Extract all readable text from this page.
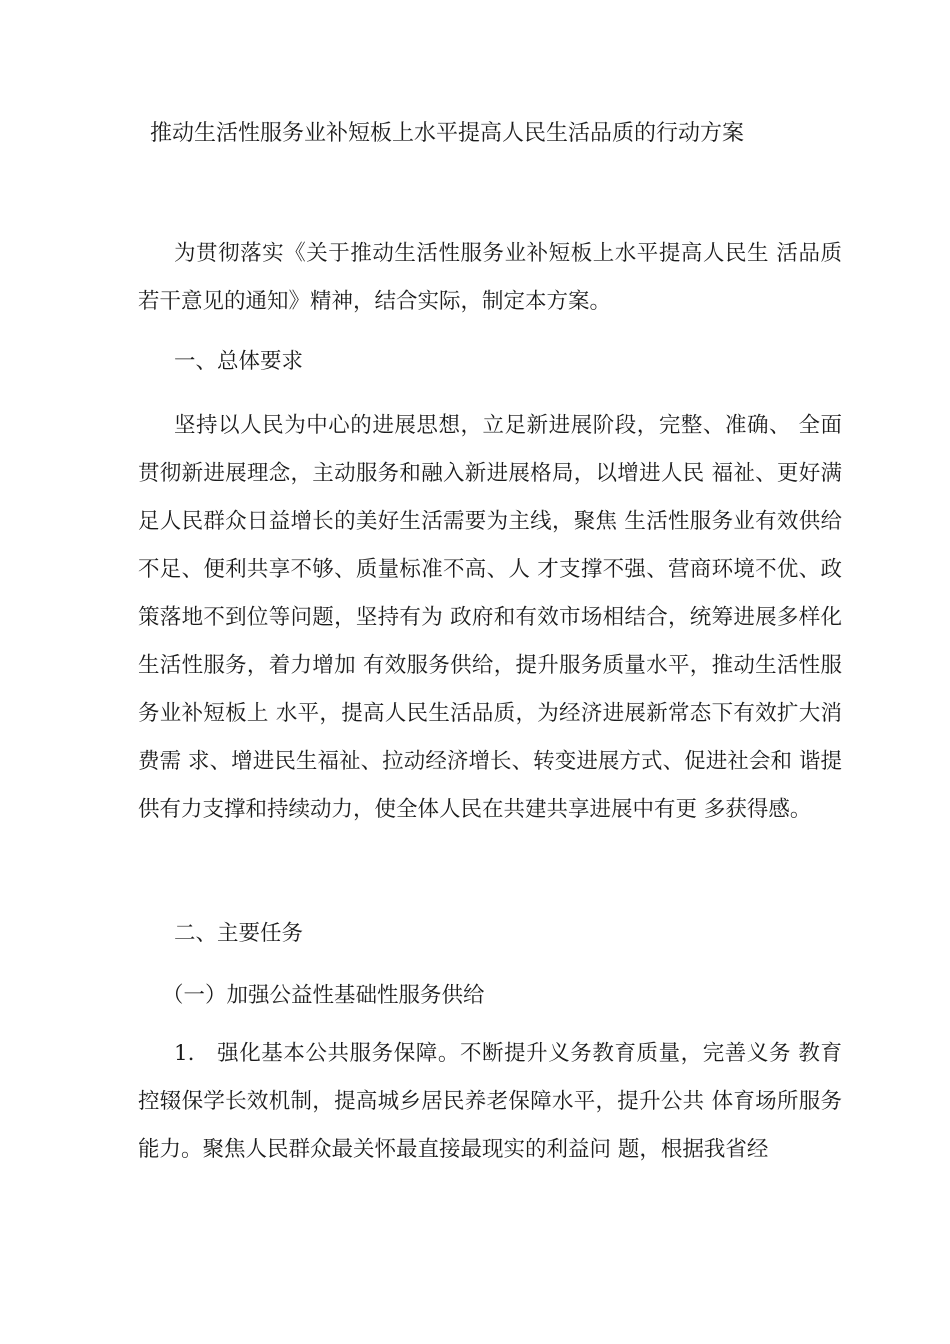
推动生活性服务业补短板上水平提高人民生活品质的行动方案

为贯彻落实《关于推动生活性服务业补短板上水平提高人民生 活品质若干意见的通知》精神，结合实际，制定本方案。

一、总体要求

坚持以人民为中心的进展思想，立足新进展阶段，完整、准确、 全面贯彻新进展理念，主动服务和融入新进展格局，以增进人民 福祉、更好满足人民群众日益增长的美好生活需要为主线，聚焦 生活性服务业有效供给不足、便利共享不够、质量标准不高、人 才支撑不强、营商环境不优、政策落地不到位等问题，坚持有为 政府和有效市场相结合，统筹进展多样化生活性服务，着力增加 有效服务供给，提升服务质量水平，推动生活性服务业补短板上 水平，提高人民生活品质，为经济进展新常态下有效扩大消费需 求、增进民生福祉、拉动经济增长、转变进展方式、促进社会和 谐提供有力支撑和持续动力，使全体人民在共建共享进展中有更 多获得感。

二、主要任务

（一）加强公益性基础性服务供给

1.　强化基本公共服务保障。不断提升义务教育质量，完善义务 教育控辍保学长效机制，提高城乡居民养老保障水平，提升公共 体育场所服务能力。聚焦人民群众最关怀最直接最现实的利益问 题，根据我省经
